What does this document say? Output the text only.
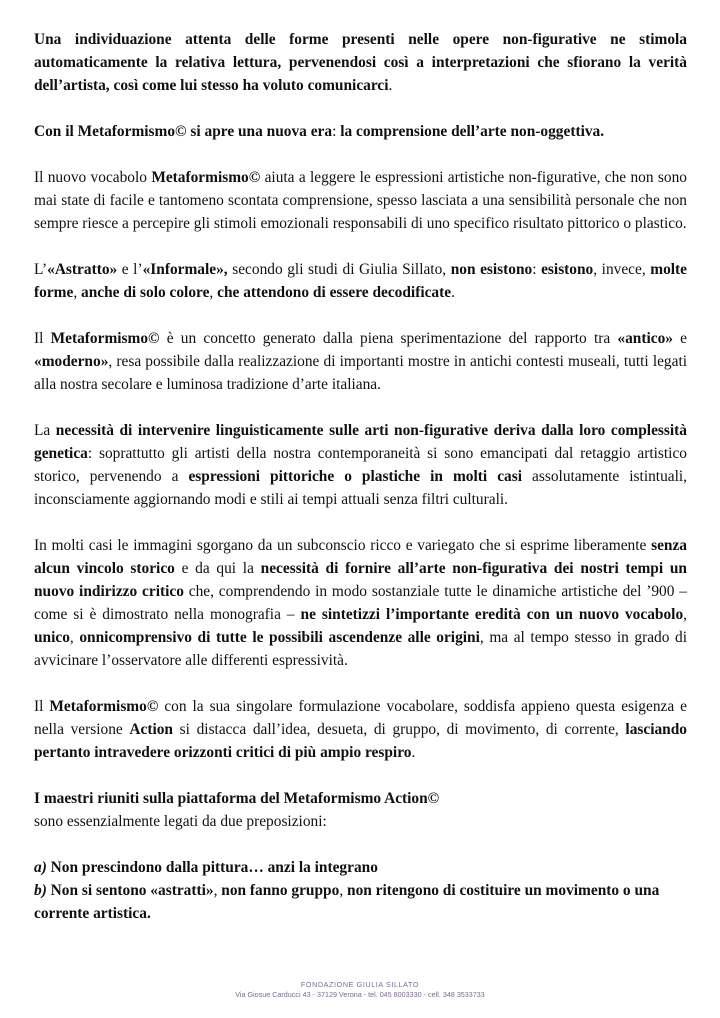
Una individuazione attenta delle forme presenti nelle opere non-figurative ne stimola automaticamente la relativa lettura, pervenendosi così a interpretazioni che sfiorano la verità dell’artista, così come lui stesso ha voluto comunicarci.

Con il Metaformismo© si apre una nuova era: la comprensione dell’arte non-oggettiva.

Il nuovo vocabolo Metaformismo© aiuta a leggere le espressioni artistiche non-figurative, che non sono mai state di facile e tantomeno scontata comprensione, spesso lasciata a una sensibilità personale che non sempre riesce a percepire gli stimoli emozionali responsabili di uno specifico risultato pittorico o plastico.

L’«Astratto» e l’«Informale», secondo gli studi di Giulia Sillato, non esistono: esistono, invece, molte forme, anche di solo colore, che attendono di essere decodificate.

Il Metaformismo© è un concetto generato dalla piena sperimentazione del rapporto tra «antico» e «moderno», resa possibile dalla realizzazione di importanti mostre in antichi contesti museali, tutti legati alla nostra secolare e luminosa tradizione d’arte italiana.

La necessità di intervenire linguisticamente sulle arti non-figurative deriva dalla loro complessità genetica: soprattutto gli artisti della nostra contemporaneità si sono emancipati dal retaggio artistico storico, pervenendo a espressioni pittoriche o plastiche in molti casi assolutamente istintuali, inconsciamente aggiornando modi e stili ai tempi attuali senza filtri culturali.

In molti casi le immagini sgorgano da un subconscio ricco e variegato che si esprime liberamente senza alcun vincolo storico e da qui la necessità di fornire all’arte non-figurativa dei nostri tempi un nuovo indirizzo critico che, comprendendo in modo sostanziale tutte le dinamiche artistiche del ’900 – come si è dimostrato nella monografia – ne sintetizzi l’importante eredità con un nuovo vocabolo, unico, onnicomprensivo di tutte le possibili ascendenze alle origini, ma al tempo stesso in grado di avvicinare l’osservatore alle differenti espressività.

Il Metaformismo© con la sua singolare formulazione vocabolare, soddisfa appieno questa esigenza e nella versione Action si distacca dall’idea, desueta, di gruppo, di movimento, di corrente, lasciando pertanto intravedere orizzonti critici di più ampio respiro.

I maestri riuniti sulla piattaforma del Metaformismo Action©
sono essenzialmente legati da due preposizioni:

a) Non prescindono dalla pittura… anzi la integrano
b) Non si sentono «astratti», non fanno gruppo, non ritengono di costituire un movimento o una corrente artistica.

FONDAZIONE GIULIA SILLATO
Via Giosue Carducci 43 - 37129 Verona - tel. 045 8003330 - cell. 348 3533733
